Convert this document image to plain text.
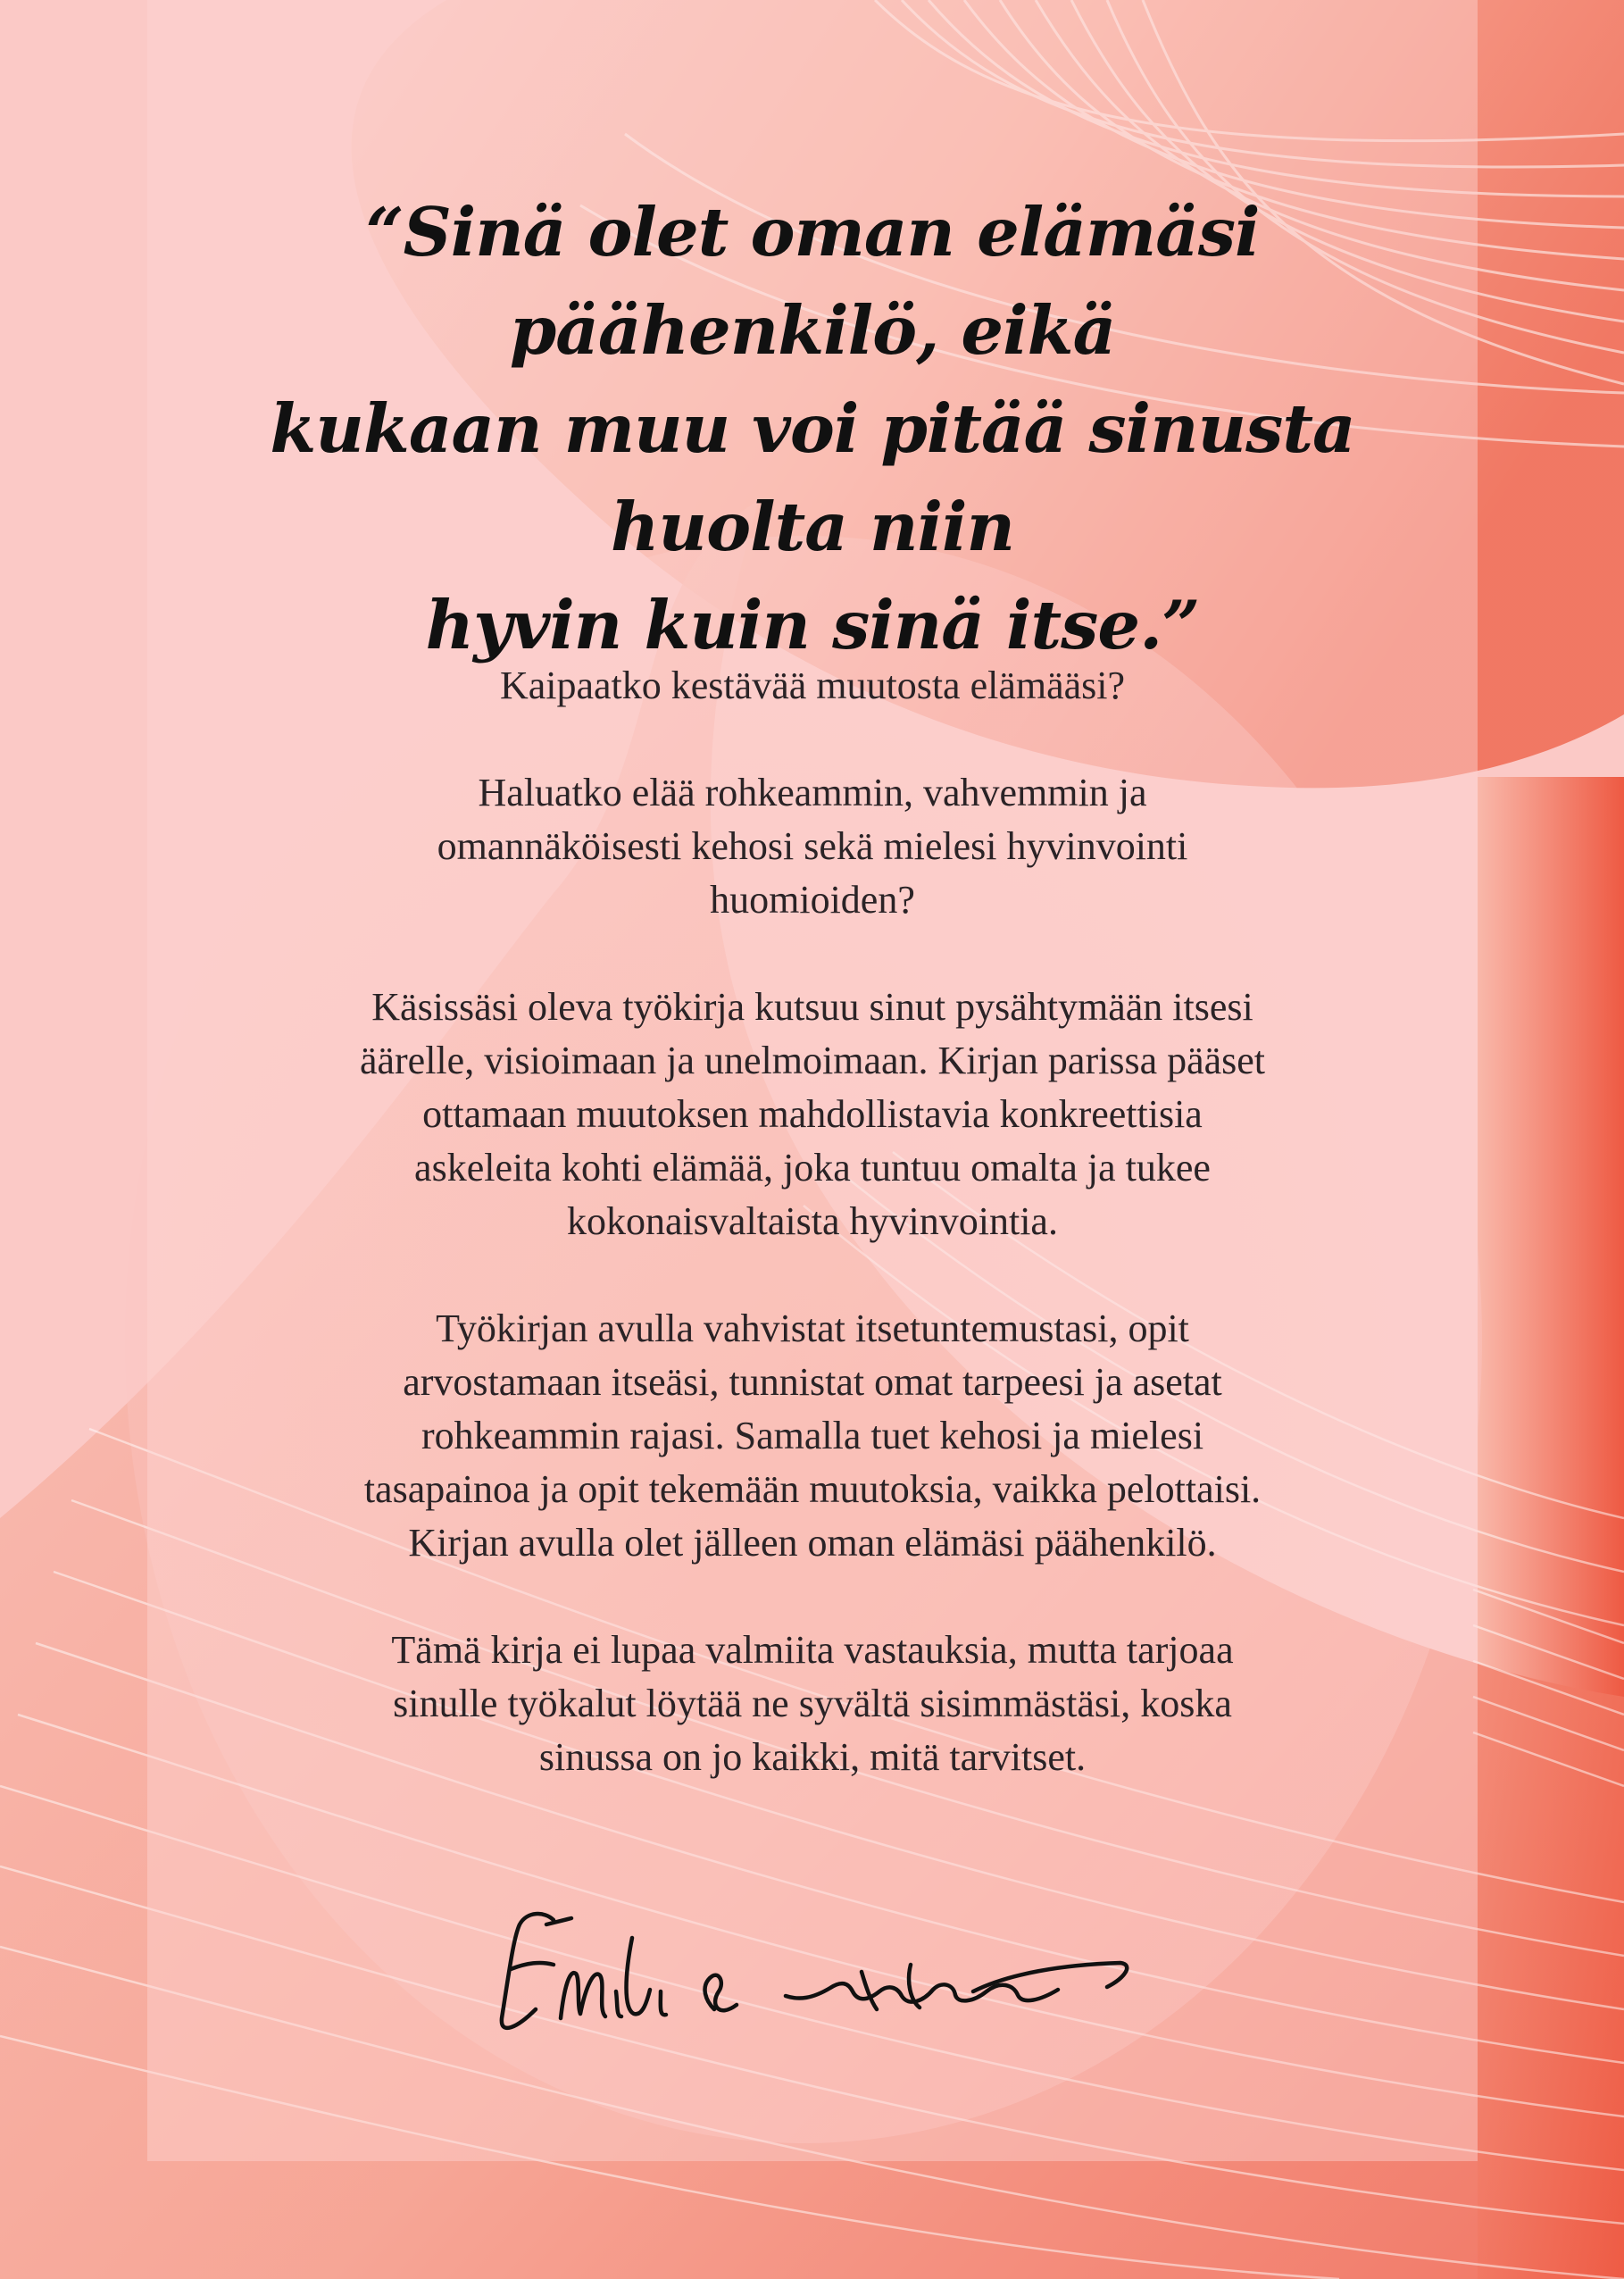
“Sinä olet oman elämäsi päähenkilö, eikä
kukaan muu voi pitää sinusta huolta niin
hyvin kuin sinä itse.”

Kaipaatko kestävää muutosta elämääsi?

Haluatko elää rohkeammin, vahvemmin ja
omannäköisesti kehosi sekä mielesi hyvinvointi
huomioiden?

Käsissäsi oleva työkirja kutsuu sinut pysähtymään itsesi
äärelle, visioimaan ja unelmoimaan. Kirjan parissa pääset
ottamaan muutoksen mahdollistavia konkreettisia
askeleita kohti elämää, joka tuntuu omalta ja tukee
kokonaisvaltaista hyvinvointia.

Työkirjan avulla vahvistat itsetuntemustasi, opit
arvostamaan itseäsi, tunnistat omat tarpeesi ja asetat
rohkeammin rajasi. Samalla tuet kehosi ja mielesi
tasapainoa ja opit tekemään muutoksia, vaikka pelottaisi.
Kirjan avulla olet jälleen oman elämäsi päähenkilö.

Tämä kirja ei lupaa valmiita vastauksia, mutta tarjoaa
sinulle työkalut löytää ne syvältä sisimmästäsi, koska
sinussa on jo kaikki, mitä tarvitset.
